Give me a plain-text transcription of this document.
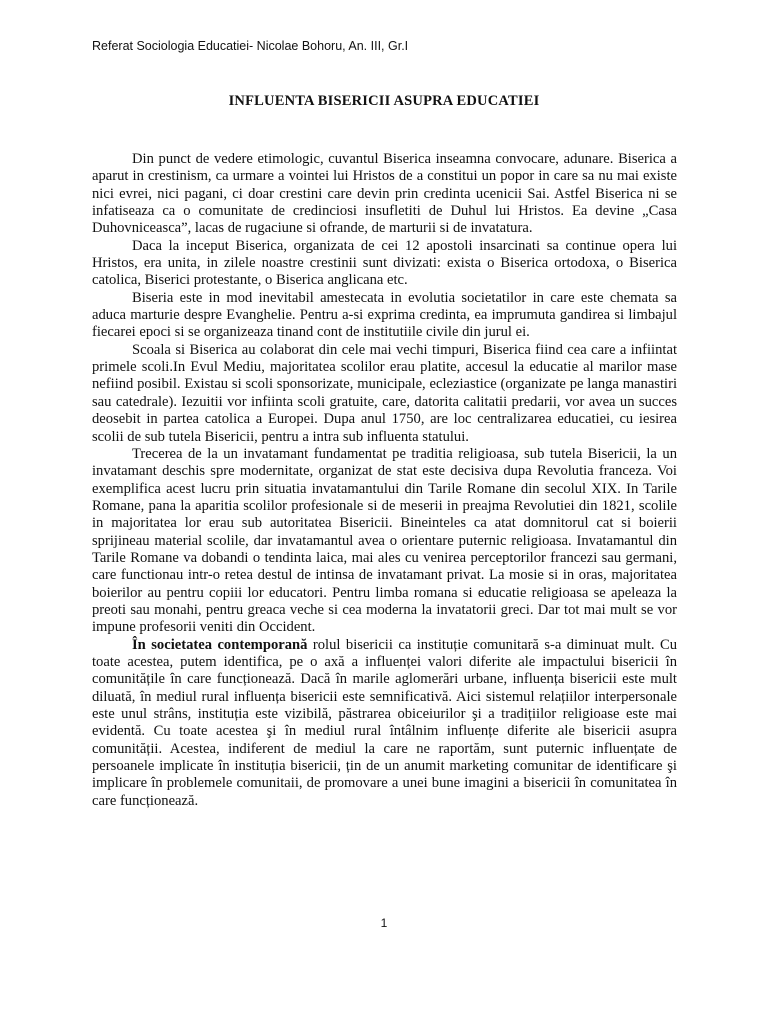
Referat Sociologia Educatiei- Nicolae Bohoru, An. III, Gr.I
INFLUENTA BISERICII ASUPRA EDUCATIEI

Din punct de vedere etimologic, cuvantul Biserica inseamna convocare, adunare. Biserica a aparut in crestinism, ca urmare a vointei lui Hristos de a constitui un popor in care sa nu mai existe nici evrei, nici pagani, ci doar crestini care devin prin credinta ucenicii Sai. Astfel Biserica ni se infatiseaza ca o comunitate de credinciosi insufletiti de Duhul lui Hristos. Ea devine „Casa Duhovniceasca”, lacas de rugaciune si ofrande, de marturii si de invatatura.

Daca la inceput Biserica, organizata de cei 12 apostoli insarcinati sa continue opera lui Hristos, era unita, in zilele noastre crestinii sunt divizati: exista o Biserica ortodoxa, o Biserica catolica, Biserici protestante, o Biserica anglicana etc.

Biseria este in mod inevitabil amestecata in evolutia societatilor in care este chemata sa aduca marturie despre Evanghelie. Pentru a-si exprima credinta, ea imprumuta gandirea si limbajul fiecarei epoci si se organizeaza tinand cont de institutiile civile din jurul ei.

Scoala si Biserica au colaborat din cele mai vechi timpuri, Biserica fiind cea care a infiintat primele scoli.In Evul Mediu, majoritatea scolilor erau platite, accesul la educatie al marilor mase nefiind posibil. Existau si scoli sponsorizate, municipale, ecleziastice (organizate pe langa manastiri sau catedrale). Iezuitii vor infiinta scoli gratuite, care, datorita calitatii predarii, vor avea un succes deosebit in partea catolica a Europei. Dupa anul 1750, are loc centralizarea educatiei, cu iesirea scolii de sub tutela Bisericii, pentru a intra sub influenta statului.

Trecerea de la un invatamant fundamentat pe traditia religioasa, sub tutela Bisericii, la un invatamant deschis spre modernitate, organizat de stat este decisiva dupa Revolutia franceza. Voi exemplifica acest lucru prin situatia invatamantului din Tarile Romane din secolul XIX. In Tarile Romane, pana la aparitia scolilor profesionale si de meserii in preajma Revolutiei din 1821, scolile in majoritatea lor erau sub autoritatea Bisericii. Bineinteles ca atat domnitorul cat si boierii sprijineau material scolile, dar invatamantul avea o orientare puternic religioasa. Invatamantul din Tarile Romane va dobandi o tendinta laica, mai ales cu venirea perceptorilor francezi sau germani, care functionau intr-o retea destul de intinsa de invatamant privat. La mosie si in oras, majoritatea boierilor au pentru copiii lor educatori. Pentru limba romana si educatie religioasa se apeleaza la preoti sau monahi, pentru greaca veche si cea moderna la invatatorii greci. Dar tot mai mult se vor impune profesorii veniti din Occident.

În societatea contemporană rolul bisericii ca instituție comunitară s-a diminuat mult. Cu toate acestea, putem identifica, pe o axă a influenței valori diferite ale impactului bisericii în comunitățile în care funcționează. Dacă în marile aglomerări urbane, influența bisericii este mult diluată, în mediul rural influența bisericii este semnificativă. Aici sistemul relațiilor interpersonale este unul strâns, instituția este vizibilă, păstrarea obiceiurilor şi a tradițiilor religioase este mai evidentă. Cu toate acestea şi în mediul rural întâlnim influențe diferite ale bisericii asupra comunității. Acestea, indiferent de mediul la care ne raportăm, sunt puternic influențate de persoanele implicate în instituția bisericii, țin de un anumit marketing comunitar de identificare şi implicare în problemele comunitaii, de promovare a unei bune imagini a bisericii în comunitatea în care funcționează.

1
